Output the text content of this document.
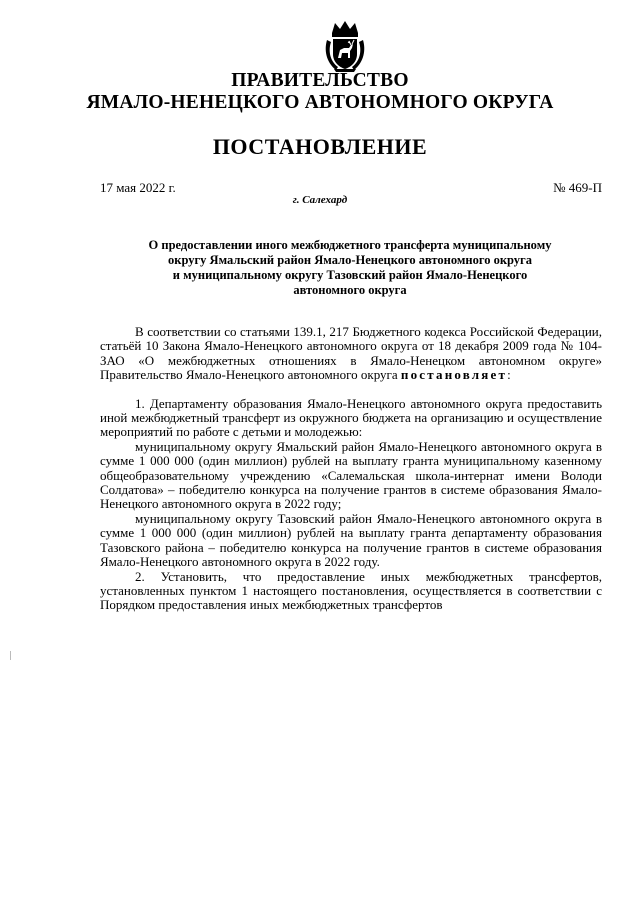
ПРАВИТЕЛЬСТВО
ЯМАЛО-НЕНЕЦКОГО АВТОНОМНОГО ОКРУГА
ПОСТАНОВЛЕНИЕ
17 мая 2022 г.	№ 469-П
г. Салехард
О предоставлении иного межбюджетного трансферта муниципальному
округу Ямальский район Ямало-Ненецкого автономного округа
и муниципальному округу Тазовский район Ямало-Ненецкого
автономного округа

В соответствии со статьями 139.1, 217 Бюджетного кодекса Российской Федерации, статьёй 10 Закона Ямало-Ненецкого автономного округа от 18 декабря 2009 года № 104-ЗАО «О межбюджетных отношениях в Ямало-Ненецком автономном округе» Правительство Ямало-Ненецкого автономного округа постановляет:

1. Департаменту образования Ямало-Ненецкого автономного округа предоставить иной межбюджетный трансферт из окружного бюджета на организацию и осуществление мероприятий по работе с детьми и молодежью:

муниципальному округу Ямальский район Ямало-Ненецкого автономного округа в сумме 1 000 000 (один миллион) рублей на выплату гранта муниципальному казенному общеобразовательному учреждению «Салемальская школа-интернат имени Володи Солдатова» – победителю конкурса на получение грантов в системе образования Ямало-Ненецкого автономного округа в 2022 году;

муниципальному округу Тазовский район Ямало-Ненецкого автономного округа в сумме 1 000 000 (один миллион) рублей на выплату гранта департаменту образования Тазовского района – победителю конкурса на получение грантов в системе образования Ямало-Ненецкого автономного округа в 2022 году.

2. Установить, что предоставление иных межбюджетных трансфертов, установленных пунктом 1 настоящего постановления, осуществляется в соответствии с Порядком предоставления иных межбюджетных трансфертов
